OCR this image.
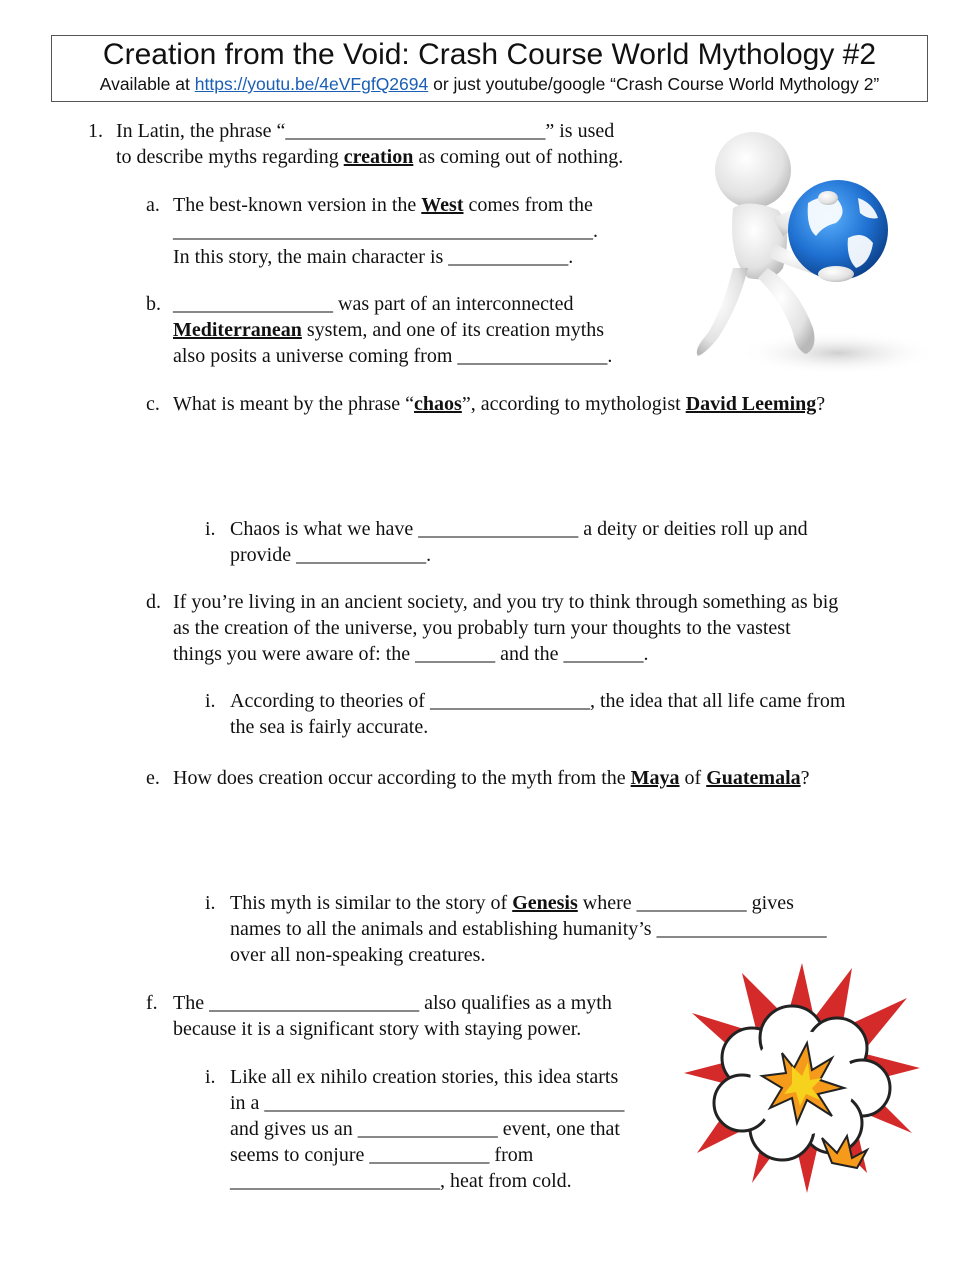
Creation from the Void: Crash Course World Mythology #2
Available at https://youtu.be/4eVFgfQ2694 or just youtube/google “Crash Course World Mythology 2”
1. In Latin, the phrase “__________________________” is used
to describe myths regarding creation as coming out of nothing.
a. The best-known version in the West comes from the
__________________________________________.
In this story, the main character is ____________.
b. ________________ was part of an interconnected
Mediterranean system, and one of its creation myths
also posits a universe coming from _______________.
c. What is meant by the phrase “chaos”, according to mythologist David Leeming?
i. Chaos is what we have ________________ a deity or deities roll up and
provide _____________.
d. If you’re living in an ancient society, and you try to think through something as big
as the creation of the universe, you probably turn your thoughts to the vastest
things you were aware of: the ________ and the ________.
i. According to theories of ________________, the idea that all life came from
the sea is fairly accurate.
e. How does creation occur according to the myth from the Maya of Guatemala?
i. This myth is similar to the story of Genesis where ___________ gives
names to all the animals and establishing humanity’s _________________
over all non-speaking creatures.
f. The _____________________ also qualifies as a myth
because it is a significant story with staying power.
i. Like all ex nihilo creation stories, this idea starts
in a ____________________________________
and gives us an ______________ event, one that
seems to conjure ____________ from
_____________________, heat from cold.
